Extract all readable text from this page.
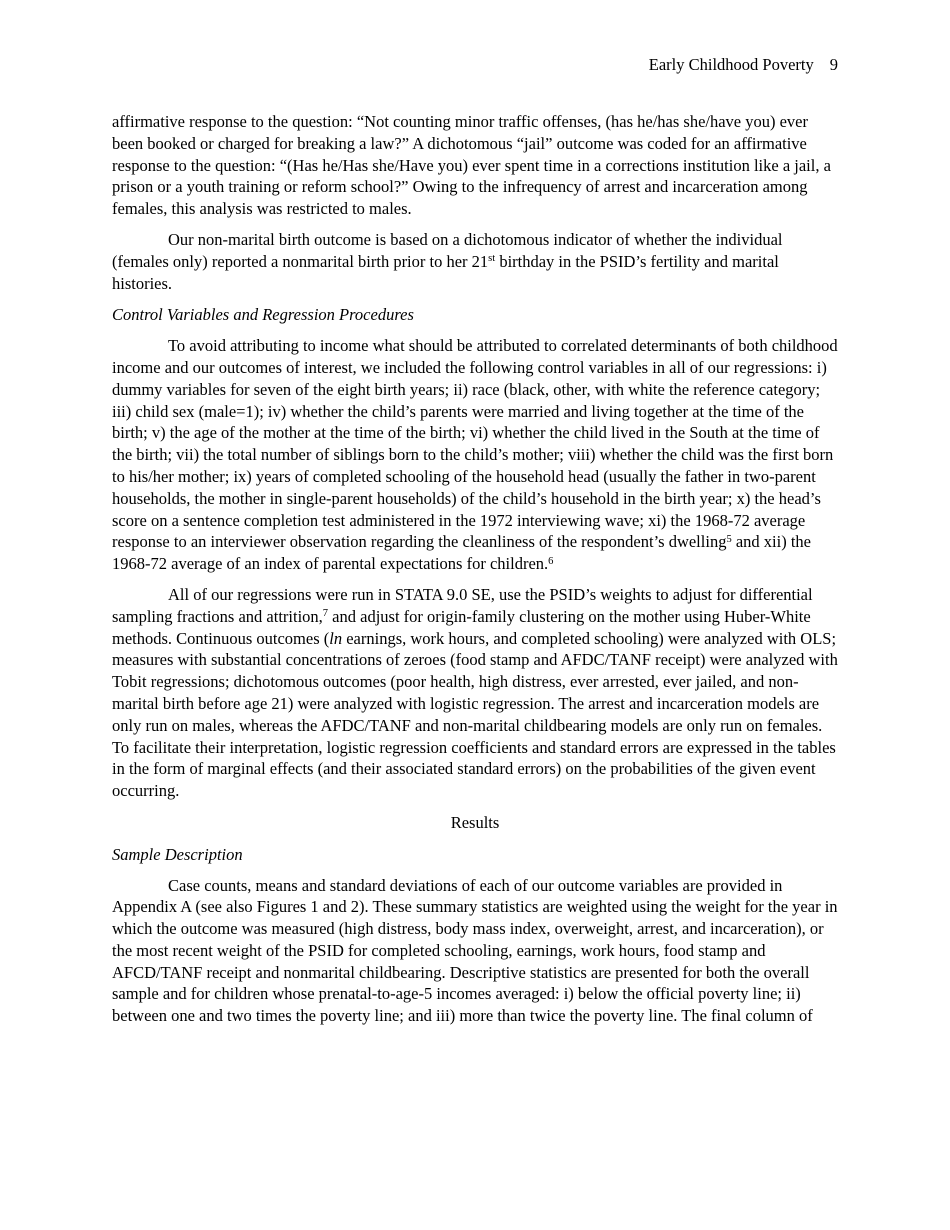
Early Childhood Poverty 9

affirmative response to the question: “Not counting minor traffic offenses, (has he/has she/have you) ever been booked or charged for breaking a law?” A dichotomous “jail” outcome was coded for an affirmative response to the question: “(Has he/Has she/Have you) ever spent time in a corrections institution like a jail, a prison or a youth training or reform school?” Owing to the infrequency of arrest and incarceration among females, this analysis was restricted to males.

Our non-marital birth outcome is based on a dichotomous indicator of whether the individual (females only) reported a nonmarital birth prior to her 21st birthday in the PSID’s fertility and marital histories.

Control Variables and Regression Procedures

To avoid attributing to income what should be attributed to correlated determinants of both childhood income and our outcomes of interest, we included the following control variables in all of our regressions: i) dummy variables for seven of the eight birth years; ii) race (black, other, with white the reference category; iii) child sex (male=1); iv) whether the child’s parents were married and living together at the time of the birth; v) the age of the mother at the time of the birth; vi) whether the child lived in the South at the time of the birth; vii) the total number of siblings born to the child’s mother; viii) whether the child was the first born to his/her mother; ix) years of completed schooling of the household head (usually the father in two-parent households, the mother in single-parent households) of the child’s household in the birth year; x) the head’s score on a sentence completion test administered in the 1972 interviewing wave; xi) the 1968-72 average response to an interviewer observation regarding the cleanliness of the respondent’s dwelling$^5$ and xii) the 1968-72 average of an index of parental expectations for children.$^6$

All of our regressions were run in STATA 9.0 SE, use the PSID’s weights to adjust for differential sampling fractions and attrition,$^7$ and adjust for origin-family clustering on the mother using Huber-White methods. Continuous outcomes (ln earnings, work hours, and completed schooling) were analyzed with OLS; measures with substantial concentrations of zeroes (food stamp and AFDC/TANF receipt) were analyzed with Tobit regressions; dichotomous outcomes (poor health, high distress, ever arrested, ever jailed, and non-marital birth before age 21) were analyzed with logistic regression. The arrest and incarceration models are only run on males, whereas the AFDC/TANF and non-marital childbearing models are only run on females. To facilitate their interpretation, logistic regression coefficients and standard errors are expressed in the tables in the form of marginal effects (and their associated standard errors) on the probabilities of the given event occurring.

Results
Sample Description

Case counts, means and standard deviations of each of our outcome variables are provided in Appendix A (see also Figures 1 and 2). These summary statistics are weighted using the weight for the year in which the outcome was measured (high distress, body mass index, overweight, arrest, and incarceration), or the most recent weight of the PSID for completed schooling, earnings, work hours, food stamp and AFCD/TANF receipt and nonmarital childbearing. Descriptive statistics are presented for both the overall sample and for children whose prenatal-to-age-5 incomes averaged: i) below the official poverty line; ii) between one and two times the poverty line; and iii) more than twice the poverty line. The final column of
